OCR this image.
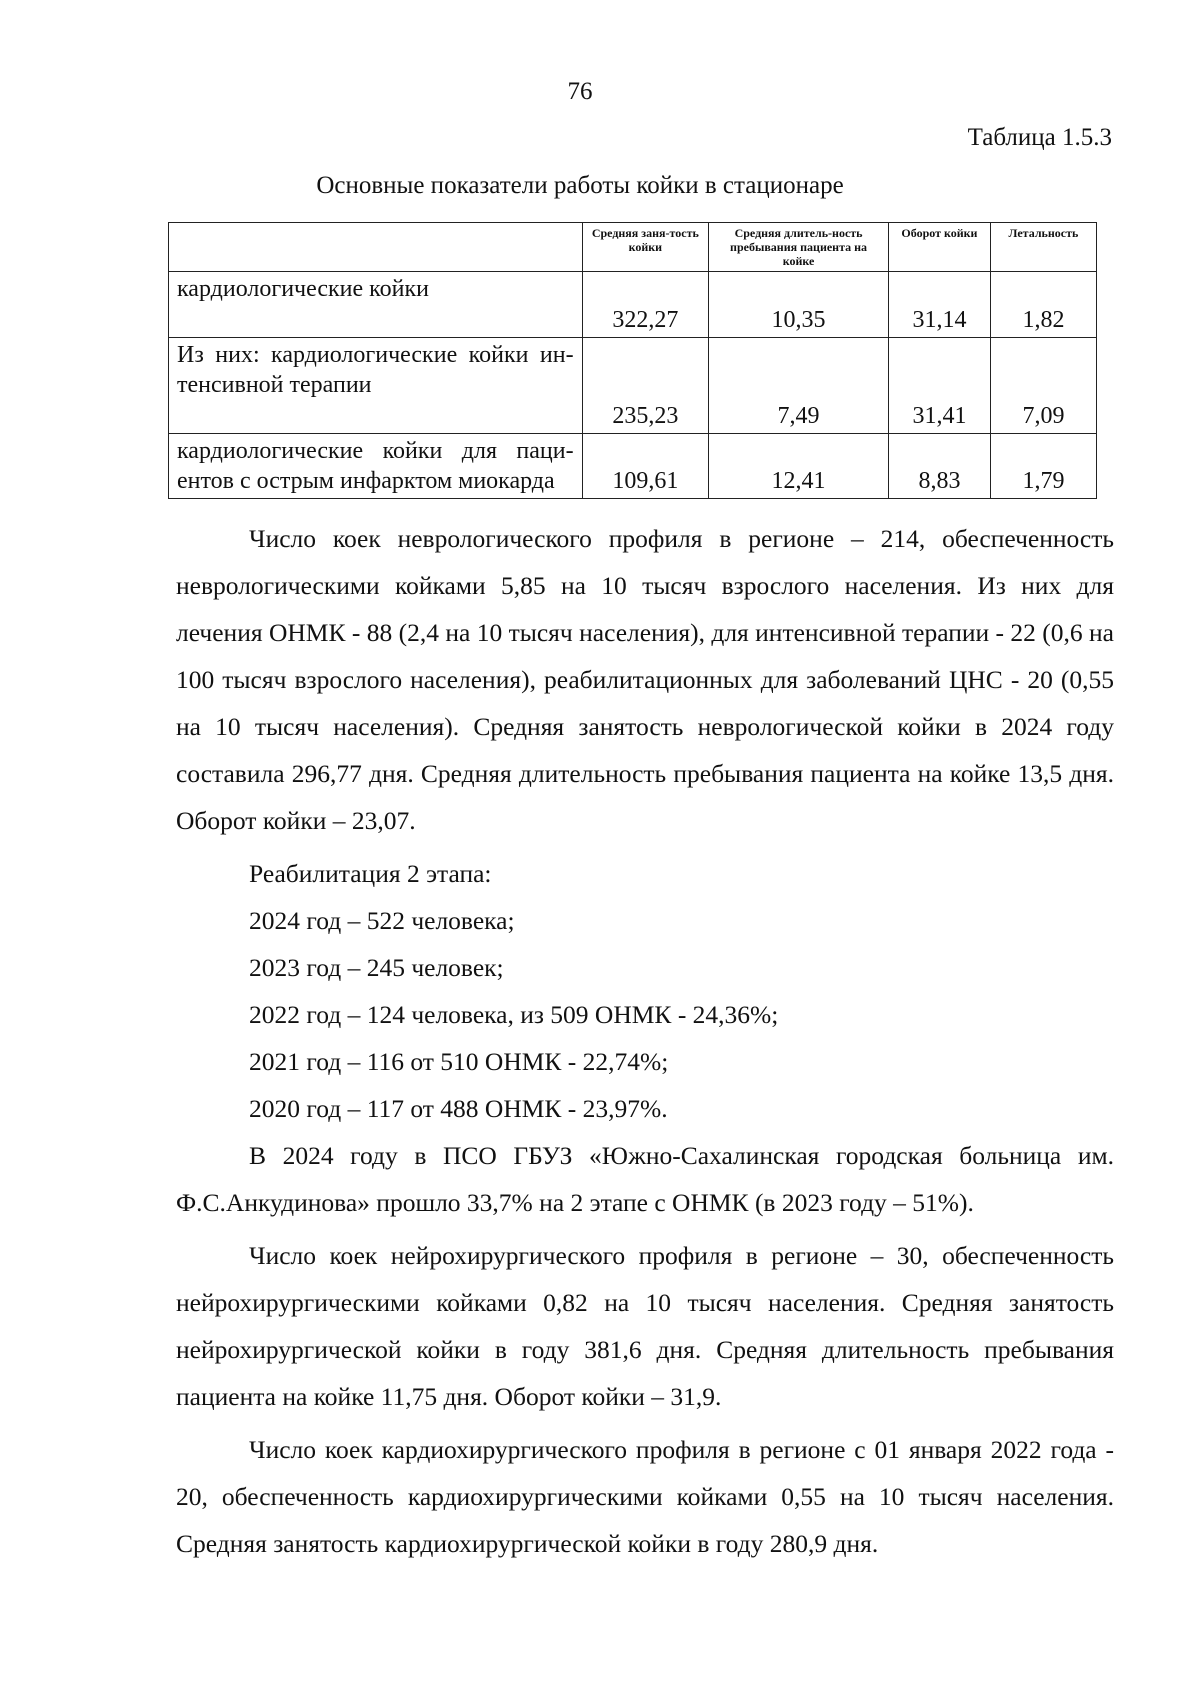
76
Таблица 1.5.3
Основные показатели работы койки в стационаре
	Средняя заня-тость койки	Средняя длитель-ность пребывания пациента на койке	Оборот койки	Летальность

кардиологические койки	322,27	10,35	31,14	1,82

Из них: кардиологические койки ин-
тенсивной терапии	235,23	7,49	31,41	7,09

кардиологические койки для паци-
ентов с острым инфарктом миокарда	109,61	12,41	8,83	1,79

Число коек неврологического профиля в регионе – 214, обеспеченность неврологическими койками 5,85 на 10 тысяч взрослого населения. Из них для лечения ОНМК - 88 (2,4 на 10 тысяч населения), для интенсивной терапии - 22 (0,6 на 100 тысяч взрослого населения), реабилитационных для заболеваний ЦНС - 20 (0,55 на 10 тысяч населения). Средняя занятость неврологической койки в 2024 году составила 296,77 дня. Средняя длительность пребывания пациента на койке 13,5 дня. Оборот койки – 23,07.

Реабилитация 2 этапа:

2024 год – 522 человека;

2023 год – 245 человек;

2022 год – 124 человека, из 509 ОНМК - 24,36%;

2021 год – 116 от 510 ОНМК - 22,74%;

2020 год – 117 от 488 ОНМК - 23,97%.

В 2024 году в ПСО ГБУЗ «Южно-Сахалинская городская больница им. Ф.С.Анкудинова» прошло 33,7% на 2 этапе с ОНМК (в 2023 году – 51%).

Число коек нейрохирургического профиля в регионе – 30, обеспеченность нейрохирургическими койками 0,82 на 10 тысяч населения. Средняя занятость нейрохирургической койки в году 381,6 дня. Средняя длительность пребывания пациента на койке 11,75 дня. Оборот койки – 31,9.

Число коек кардиохирургического профиля в регионе с 01 января 2022 года - 20, обеспеченность кардиохирургическими койками 0,55 на 10 тысяч населения. Средняя занятость кардиохирургической койки в году 280,9 дня.
